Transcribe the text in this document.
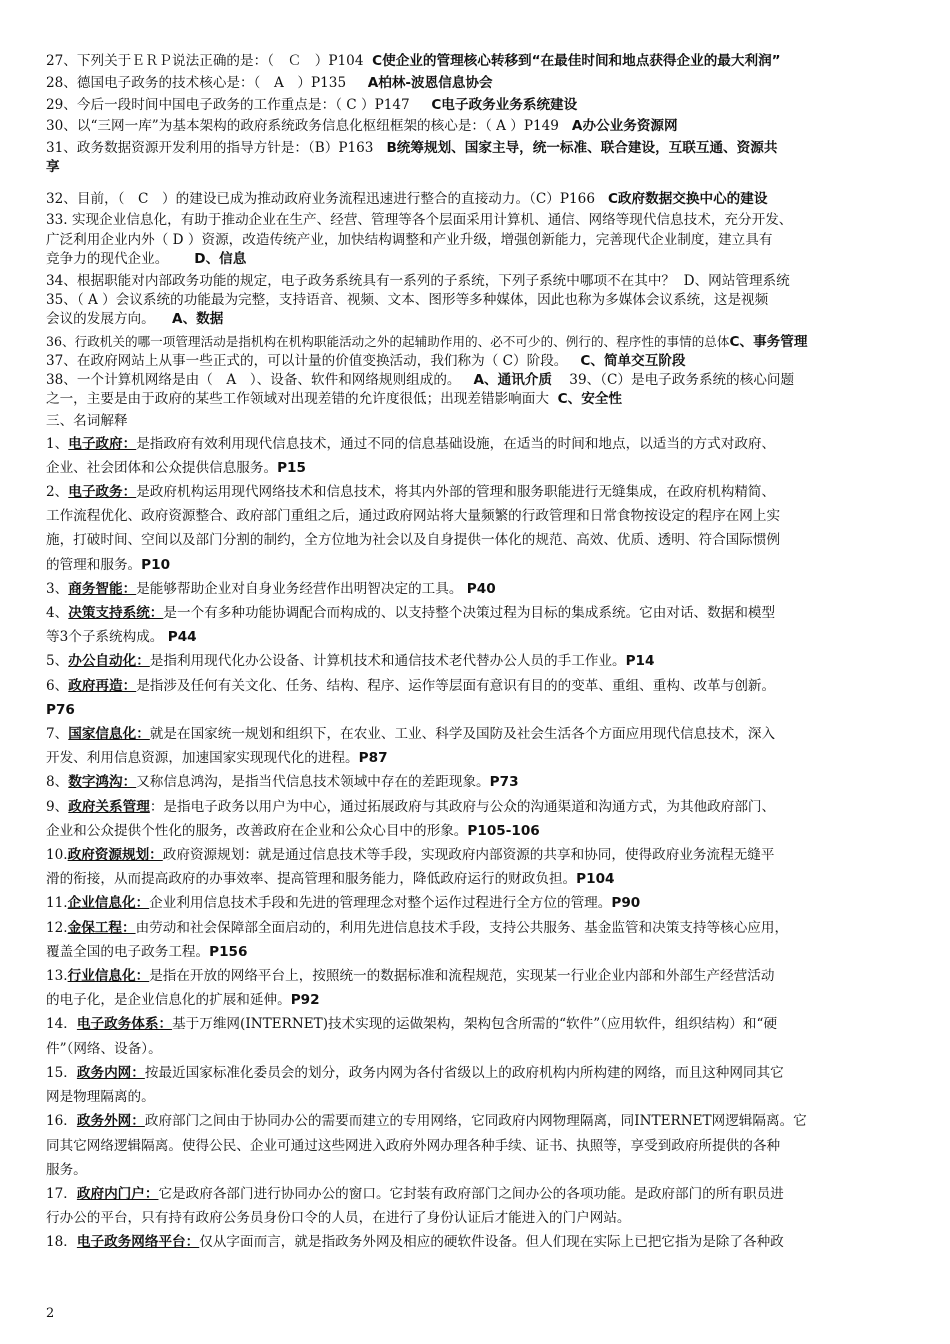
27、下列关于ＥＲＰ说法正确的是：（　Ｃ　）P104 C使企业的管理核心转移到“在最佳时间和地点获得企业的最大利润”
28、德国电子政务的技术核心是：（　A　）P135 A柏林-波恩信息协会
29、今后一段时间中国电子政务的工作重点是：（ C ）P147 C电子政务业务系统建设
30、以“三网一库”为基本架构的政府系统政务信息化枢纽框架的核心是：（ A ）P149 A办公业务资源网
31、政务数据资源开发利用的指导方针是：（B）P163 B统筹规划、国家主导，统一标准、联合建设，互联互通、资源共
享
32、目前，（　C　）的建设已成为推动政府业务流程迅速进行整合的直接动力。（C）P166 C政府数据交换中心的建设
33. 实现企业信息化，有助于推动企业在生产、经营、管理等各个层面采用计算机、通信、网络等现代信息技术，充分开发、
广泛利用企业内外（ D ）资源，改造传统产业，加快结构调整和产业升级，增强创新能力，完善现代企业制度，建立具有
竞争力的现代企业。 D、信息
34、根据职能对内部政务功能的规定，电子政务系统具有一系列的子系统，下列子系统中哪项不在其中？ D、网站管理系统
35、（ A ）会议系统的功能最为完整，支持语音、视频、文本、图形等多种媒体，因此也称为多媒体会议系统，这是视频
会议的发展方向。 A、数据
36、行政机关的哪一项管理活动是指机构在机构职能活动之外的起辅助作用的、必不可少的、例行的、程序性的事情的总体C、事务管理
37、在政府网站上从事一些正式的，可以计量的价值变换活动，我们称为（ C）阶段。 C、简单交互阶段
38、一个计算机网络是由（　A　）、设备、软件和网络规则组成的。 A、通讯介质 39、（C）是电子政务系统的核心问题
之一，主要是由于政府的某些工作领域对出现差错的允许度很低；出现差错影响面大 C、安全性
三、名词解释
1、电子政府：是指政府有效利用现代信息技术，通过不同的信息基础设施，在适当的时间和地点，以适当的方式对政府、
企业、社会团体和公众提供信息服务。P15
2、电子政务：是政府机构运用现代网络技术和信息技术，将其内外部的管理和服务职能进行无缝集成，在政府机构精简、
工作流程优化、政府资源整合、政府部门重组之后，通过政府网站将大量频繁的行政管理和日常食物按设定的程序在网上实
施，打破时间、空间以及部门分割的制约，全方位地为社会以及自身提供一体化的规范、高效、优质、透明、符合国际惯例
的管理和服务。P10
3、商务智能：是能够帮助企业对自身业务经营作出明智决定的工具。 P40
4、决策支持系统：是一个有多种功能协调配合而构成的、以支持整个决策过程为目标的集成系统。它由对话、数据和模型
等3个子系统构成。 P44
5、办公自动化：是指利用现代化办公设备、计算机技术和通信技术老代替办公人员的手工作业。P14
6、政府再造：是指涉及任何有关文化、任务、结构、程序、运作等层面有意识有目的的变革、重组、重构、改革与创新。
P76
7、国家信息化：就是在国家统一规划和组织下，在农业、工业、科学及国防及社会生活各个方面应用现代信息技术，深入
开发、利用信息资源，加速国家实现现代化的进程。P87
8、数字鸿沟：又称信息鸿沟，是指当代信息技术领域中存在的差距现象。P73
9、政府关系管理：是指电子政务以用户为中心，通过拓展政府与其政府与公众的沟通渠道和沟通方式，为其他政府部门、
企业和公众提供个性化的服务，改善政府在企业和公众心目中的形象。P105-106
10.政府资源规划：政府资源规划：就是通过信息技术等手段，实现政府内部资源的共享和协同，使得政府业务流程无缝平
滑的衔接，从而提高政府的办事效率、提高管理和服务能力，降低政府运行的财政负担。P104
11.企业信息化：企业利用信息技术手段和先进的管理理念对整个运作过程进行全方位的管理。P90
12.金保工程：由劳动和社会保障部全面启动的，利用先进信息技术手段，支持公共服务、基金监管和决策支持等核心应用，
覆盖全国的电子政务工程。P156
13.行业信息化：是指在开放的网络平台上，按照统一的数据标准和流程规范，实现某一行业企业内部和外部生产经营活动
的电子化，是企业信息化的扩展和延伸。P92
14．电子政务体系：基于万维网(INTERNET)技术实现的运做架构，架构包含所需的“软件”（应用软件，组织结构）和“硬
件”（网络、设备）。
15．政务内网：按最近国家标准化委员会的划分，政务内网为各付省级以上的政府机构内所构建的网络，而且这种网同其它
网是物理隔离的。
16．政务外网：政府部门之间由于协同办公的需要而建立的专用网络，它同政府内网物理隔离，同INTERNET网逻辑隔离。它
同其它网络逻辑隔离。使得公民、企业可通过这些网进入政府外网办理各种手续、证书、执照等，享受到政府所提供的各种
服务。
17．政府内门户：它是政府各部门进行协同办公的窗口。它封装有政府部门之间办公的各项功能。是政府部门的所有职员进
行办公的平台，只有持有政府公务员身份口令的人员，在进行了身份认证后才能进入的门户网站。
18．电子政务网络平台：仅从字面而言，就是指政务外网及相应的硬软件设备。但人们现在实际上已把它指为是除了各种政
2
